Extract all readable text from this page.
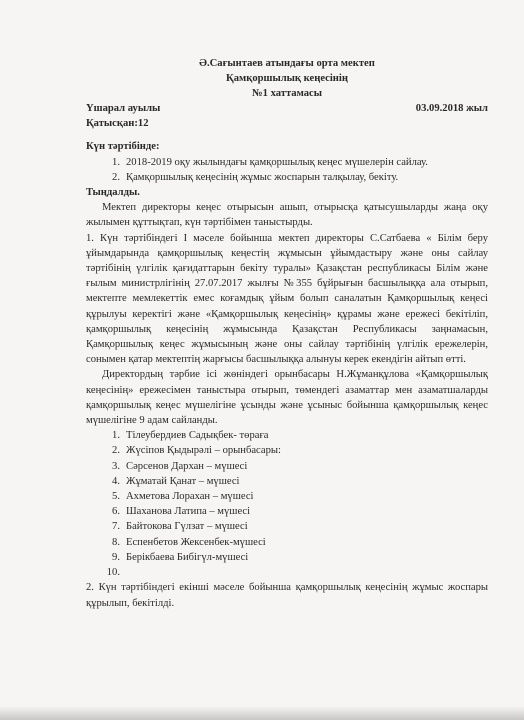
Ә.Сағынтаев атындағы орта мектеп
Қамқоршылық кеңесінің
№1 хаттамасы
Үшарал ауылы	03.09.2018 жыл
Қатысқан:12
Күн тәртібінде:
1. 2018-2019 оқу жылындағы қамқоршылық кеңес мүшелерін сайлау.
2. Қамқоршылық кеңесінің жұмыс жоспарын талқылау, бекіту.
Тыңдалды.
Мектеп директоры кеңес отырысын ашып, отырысқа қатысушыларды жаңа оқу жылымен құттықтап, күн тәртібімен таныстырды.
1. Күн тәртібіндегі I мәселе бойынша мектеп директоры С.Сатбаева « Білім беру ұйымдарында қамқоршылық кеңестің жұмысын ұйымдастыру және оны сайлау тәртібінің үлгілік қағидаттарын бекіту туралы» Қазақстан республикасы Білім және ғылым министрлігінің 27.07.2017 жылғы №355 бұйрығын басшылыққа ала отырып, мектепте мемлекеттік емес коғамдық ұйым болып саналатын Қамқоршылық кеңесі құрылуы керектігі және «Қамқоршылық кеңесінің» құрамы және ережесі бекітіліп, қамқоршылық кеңесінің жұмысында Қазақстан Республикасы заңнамасын, Қамқоршылық кеңес жұмысының және оны сайлау тәртібінің үлгілік ережелерін, сонымен қатар мектептің жарғысы басшылыққа алынуы керек екендігін айтып өтті.
Директордың тәрбие ісі жөніндегі орынбасары Н.Жұманқұлова «Қамқоршылық кеңесінің» ережесімен таныстыра отырып, төмендегі азаматтар мен азаматшаларды қамқоршылық кеңес мүшелігіне ұсынды және ұсыныс бойынша қамқоршылық кеңес мүшелігіне 9 адам сайланды.
1. Тілеубердиев Садықбек- төраға
2. Жүсіпов Қыдырәлі – орынбасары:
3. Сәрсенов Дархан – мүшесі
4. Жұматай Қанат – мүшесі
5. Ахметова Лорахан – мүшесі
6. Шаханова Латипа – мүшесі
7. Байтокова Гүлзат – мүшесі
8. Еспенбетов Жексенбек-мүшесі
9. Берікбаева Бибігүл-мүшесі
10.
2. Күн тәртібіндегі екінші мәселе бойынша қамқоршылық кеңесінің жұмыс жоспары құрылып, бекітілді.
